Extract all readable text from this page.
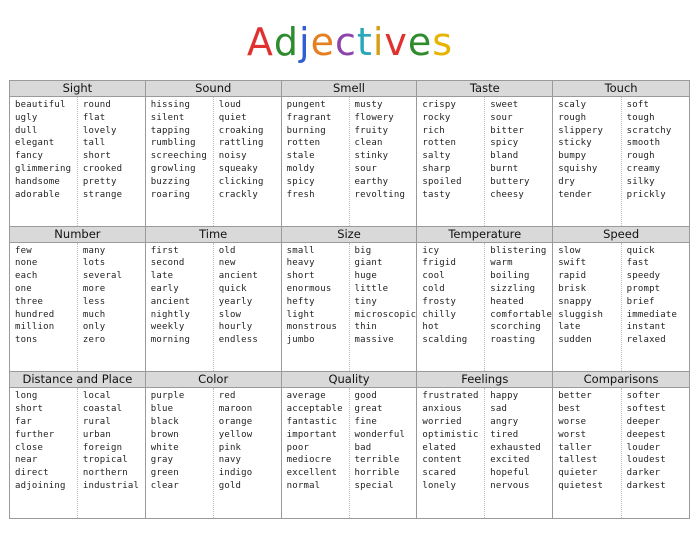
Adjectives
Sight
beautiful
ugly
dull
elegant
fancy
glimmering
handsome
adorable
round
flat
lovely
tall
short
crooked
pretty
strange
Sound
hissing
silent
tapping
rumbling
screeching
growling
buzzing
roaring
loud
quiet
croaking
rattling
noisy
squeaky
clicking
crackly
Smell
pungent
fragrant
burning
rotten
stale
moldy
spicy
fresh
musty
flowery
fruity
clean
stinky
sour
earthy
revolting
Taste
crispy
rocky
rich
rotten
salty
sharp
spoiled
tasty
sweet
sour
bitter
spicy
bland
burnt
buttery
cheesy
Touch
scaly
rough
slippery
sticky
bumpy
squishy
dry
tender
soft
tough
scratchy
smooth
rough
creamy
silky
prickly
Number
few
none
each
one
three
hundred
million
tons
many
lots
several
more
less
much
only
zero
Time
first
second
late
early
ancient
nightly
weekly
morning
old
new
ancient
quick
yearly
slow
hourly
endless
Size
small
heavy
short
enormous
hefty
light
monstrous
jumbo
big
giant
huge
little
tiny
microscopic
thin
massive
Temperature
icy
frigid
cool
cold
frosty
chilly
hot
scalding
blistering
warm
boiling
sizzling
heated
comfortable
scorching
roasting
Speed
slow
swift
rapid
brisk
snappy
sluggish
late
sudden
quick
fast
speedy
prompt
brief
immediate
instant
relaxed
Distance and Place
long
short
far
further
close
near
direct
adjoining
local
coastal
rural
urban
foreign
tropical
northern
industrial
Color
purple
blue
black
brown
white
gray
green
clear
red
maroon
orange
yellow
pink
navy
indigo
gold
Quality
average
acceptable
fantastic
important
poor
mediocre
excellent
normal
good
great
fine
wonderful
bad
terrible
horrible
special
Feelings
frustrated
anxious
worried
optimistic
elated
content
scared
lonely
happy
sad
angry
tired
exhausted
excited
hopeful
nervous
Comparisons
better
best
worse
worst
taller
tallest
quieter
quietest
softer
softest
deeper
deepest
louder
loudest
darker
darkest
